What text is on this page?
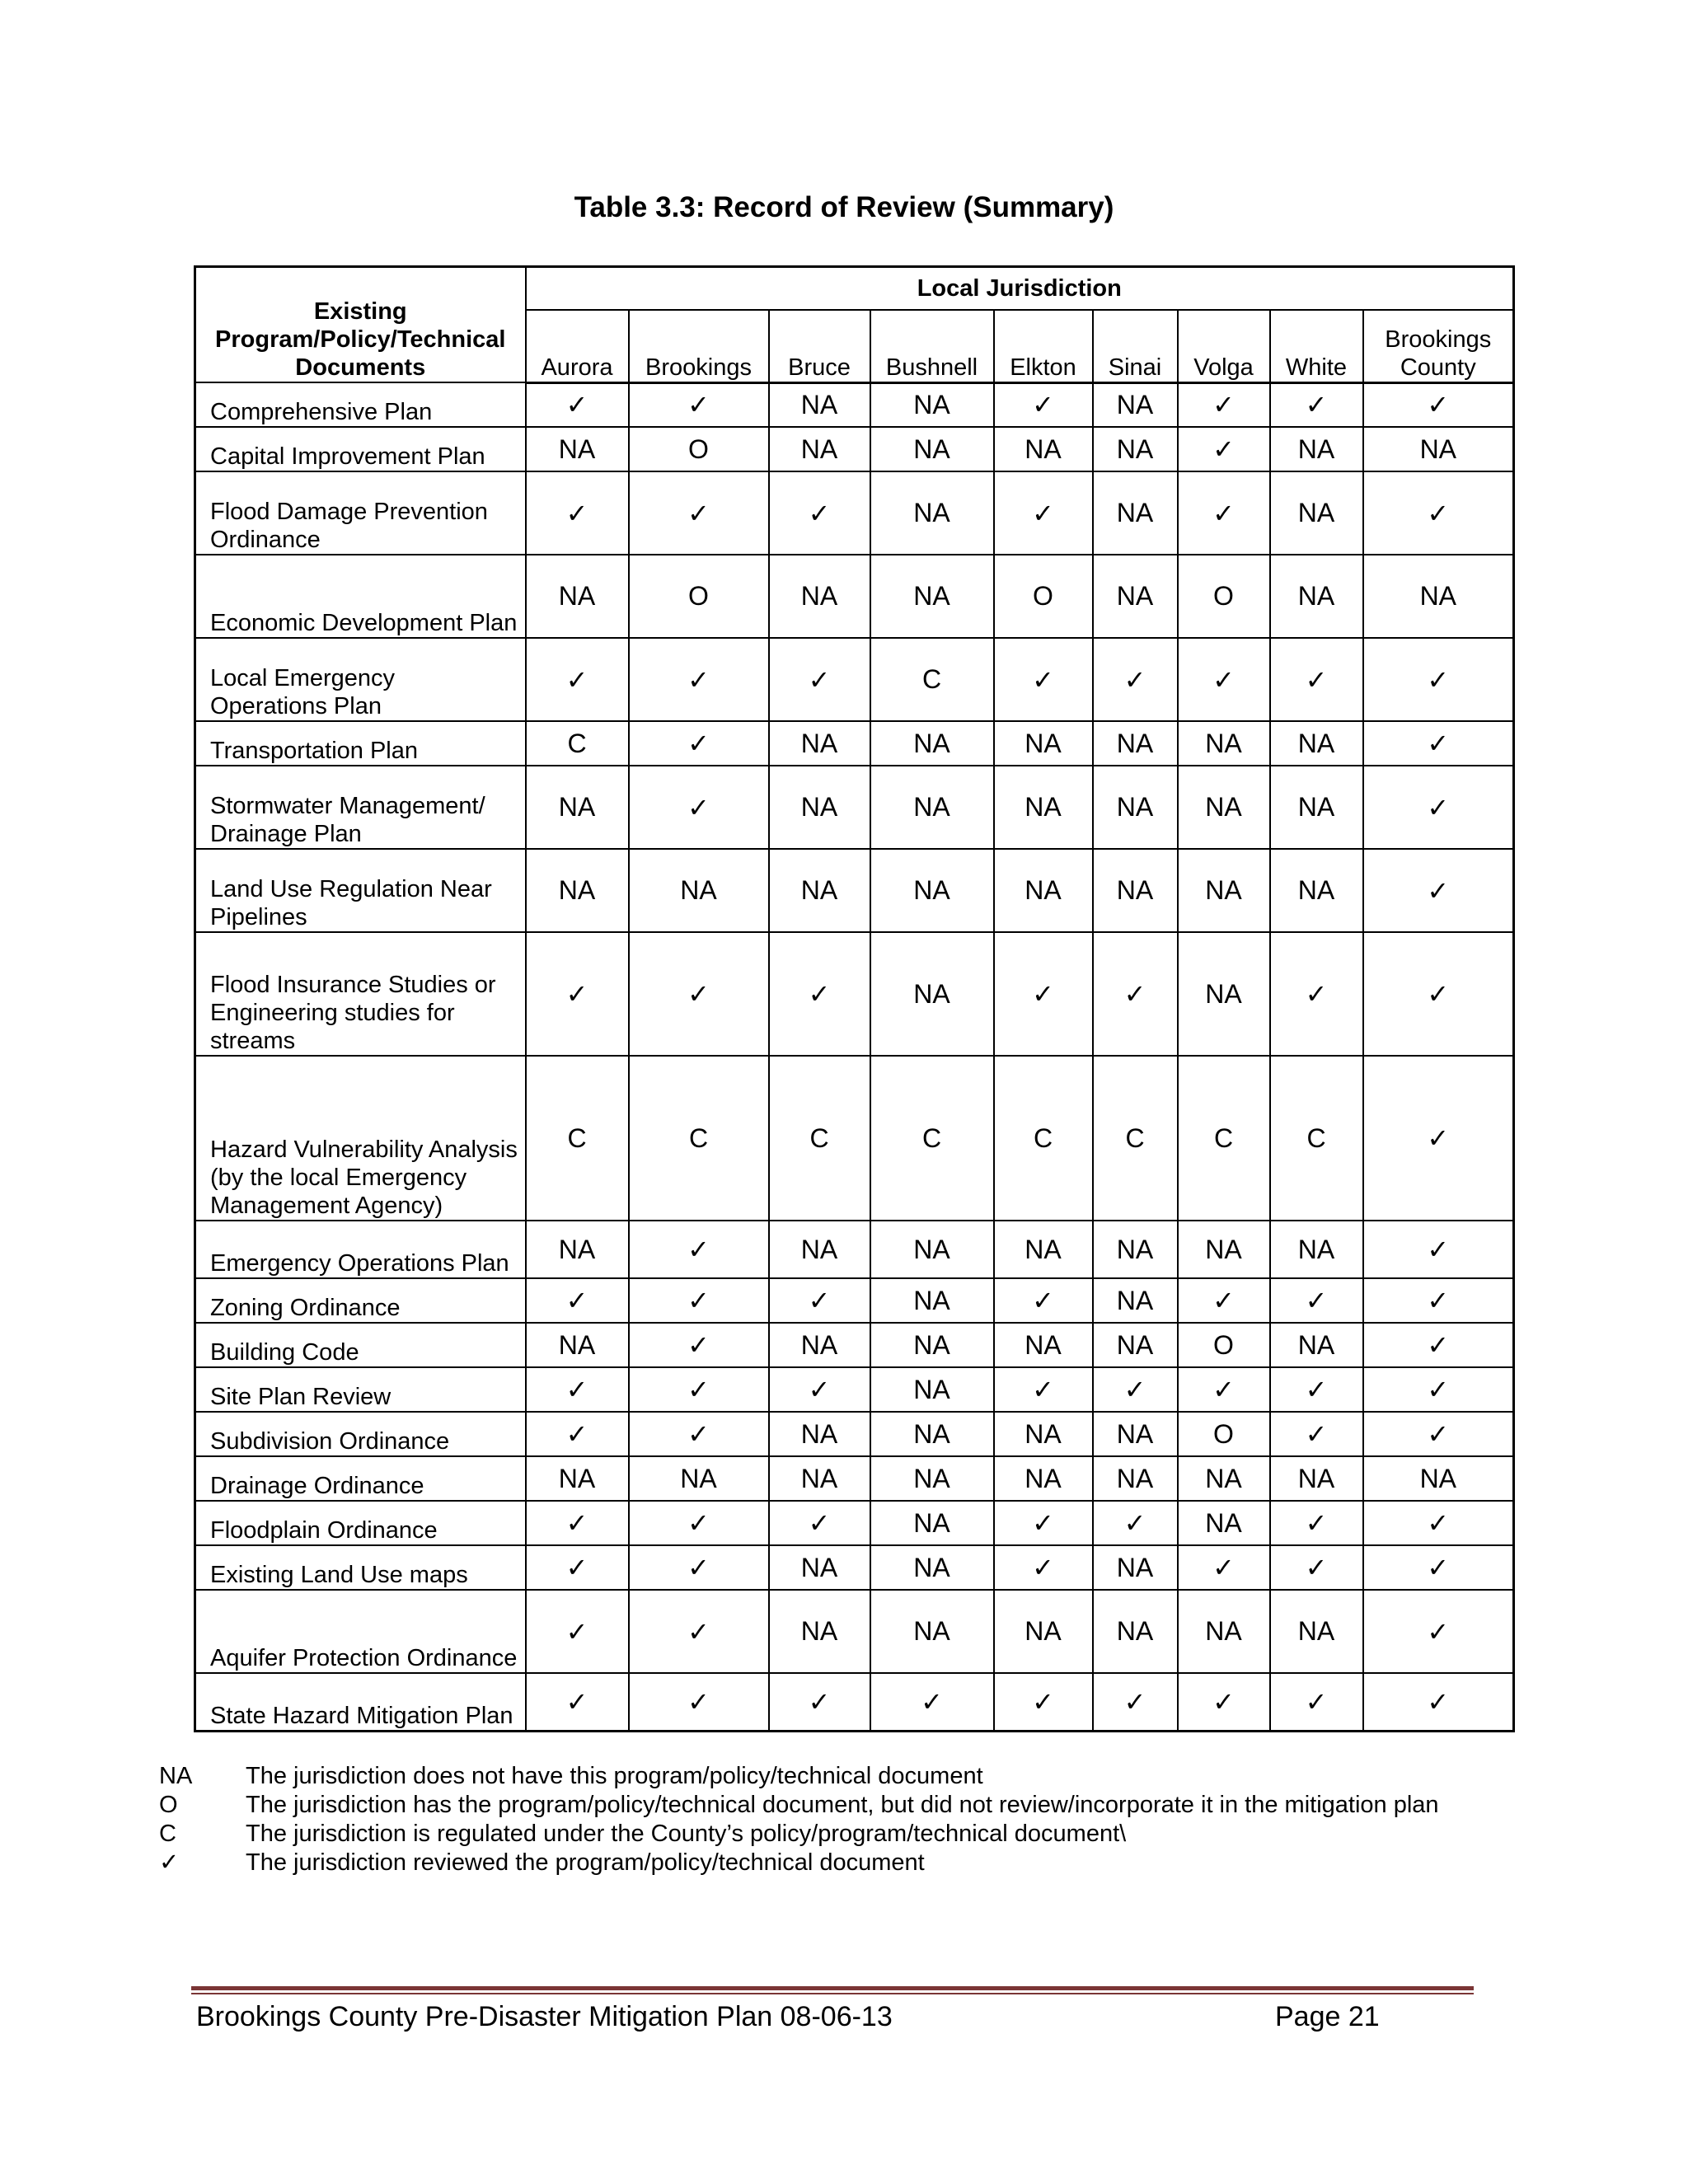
Table 3.3: Record of Review (Summary)
Existing Program/Policy/Technical Documents	Local Jurisdiction								
	Aurora	Brookings	Bruce	Bushnell	Elkton	Sinai	Volga	White	Brookings County
Comprehensive Plan	✓	✓	NA	NA	✓	NA	✓	✓	✓
Capital Improvement Plan	NA	O	NA	NA	NA	NA	✓	NA	NA
Flood Damage Prevention Ordinance	✓	✓	✓	NA	✓	NA	✓	NA	✓
Economic Development Plan	NA	O	NA	NA	O	NA	O	NA	NA
Local Emergency Operations Plan	✓	✓	✓	C	✓	✓	✓	✓	✓
Transportation Plan	C	✓	NA	NA	NA	NA	NA	NA	✓
Stormwater Management/ Drainage Plan	NA	✓	NA	NA	NA	NA	NA	NA	✓
Land Use Regulation Near Pipelines	NA	NA	NA	NA	NA	NA	NA	NA	✓
Flood Insurance Studies or Engineering studies for streams	✓	✓	✓	NA	✓	✓	NA	✓	✓
Hazard Vulnerability Analysis (by the local Emergency Management Agency)	C	C	C	C	C	C	C	C	✓
Emergency Operations Plan	NA	✓	NA	NA	NA	NA	NA	NA	✓
Zoning Ordinance	✓	✓	✓	NA	✓	NA	✓	✓	✓
Building Code	NA	✓	NA	NA	NA	NA	O	NA	✓
Site Plan Review	✓	✓	✓	NA	✓	✓	✓	✓	✓
Subdivision Ordinance	✓	✓	NA	NA	NA	NA	O	✓	✓
Drainage Ordinance	NA	NA	NA	NA	NA	NA	NA	NA	NA
Floodplain Ordinance	✓	✓	✓	NA	✓	✓	NA	✓	✓
Existing Land Use maps	✓	✓	NA	NA	✓	NA	✓	✓	✓
Aquifer Protection Ordinance	✓	✓	NA	NA	NA	NA	NA	NA	✓
State Hazard Mitigation Plan	✓	✓	✓	✓	✓	✓	✓	✓	✓
NA	The jurisdiction does not have this program/policy/technical document
O	The jurisdiction has the program/policy/technical document, but did not review/incorporate it in the mitigation plan
C	The jurisdiction is regulated under the County’s policy/program/technical document\
✓	The jurisdiction reviewed the program/policy/technical document
Brookings County Pre-Disaster Mitigation Plan 08-06-13	Page 21
